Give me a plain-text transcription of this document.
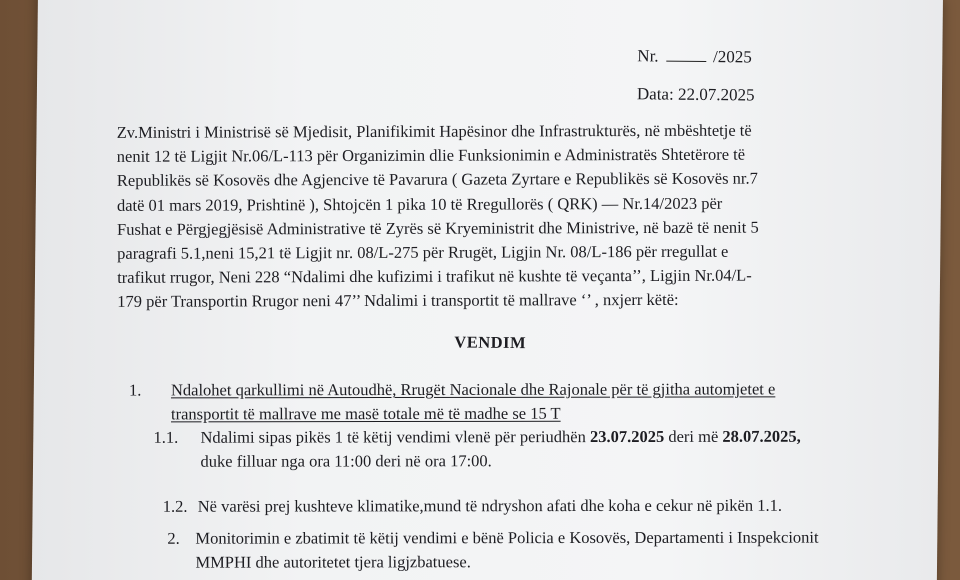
Nr.	/2025
Data: 22.07.2025
Zv.Ministri i Ministrisë së Mjedisit, Planifikimit Hapësinor dhe Infrastrukturës, në mbështetje të
nenit 12 të Ligjit Nr.06/L-113 për Organizimin dlie Funksionimin e Administratës Shtetërore të
Republikës së Kosovës dhe Agjencive të Pavarura ( Gazeta Zyrtare e Republikës së Kosovës nr.7
datë 01 mars 2019, Prishtinë ), Shtojcën 1 pika 10 të Rregullorës ( QRK) — Nr.14/2023 për
Fushat e Përgjegjësisë Administrative të Zyrës së Kryeministrit dhe Ministrive, në bazë të nenit 5
paragrafi 5.1,neni 15,21 të Ligjit nr. 08/L-275 për Rrugët, Ligjin Nr. 08/L-186 për rregullat e
trafikut rrugor, Neni 228 “Ndalimi dhe kufizimi i trafikut në kushte të veçanta’’, Ligjin Nr.04/L-
179 për Transportin Rrugor neni 47’’ Ndalimi i transportit të mallrave ‘’ , nxjerr këtë:
VENDIM
1. Ndalohet qarkullimi në Autoudhë, Rrugët Nacionale dhe Rajonale për të gjitha automjetet e
transportit të mallrave me masë totale më të madhe se 15 T
1.1. Ndalimi sipas pikës 1 të këtij vendimi vlenë për periudhën 23.07.2025 deri më 28.07.2025,
duke filluar nga ora 11:00 deri në ora 17:00.
1.2. Në varësi prej kushteve klimatike,mund të ndryshon afati dhe koha e cekur në pikën 1.1.
2. Monitorimin e zbatimit të këtij vendimi e bënë Policia e Kosovës, Departamenti i Inspekcionit
MMPHI dhe autoritetet tjera ligjzbatuese.
